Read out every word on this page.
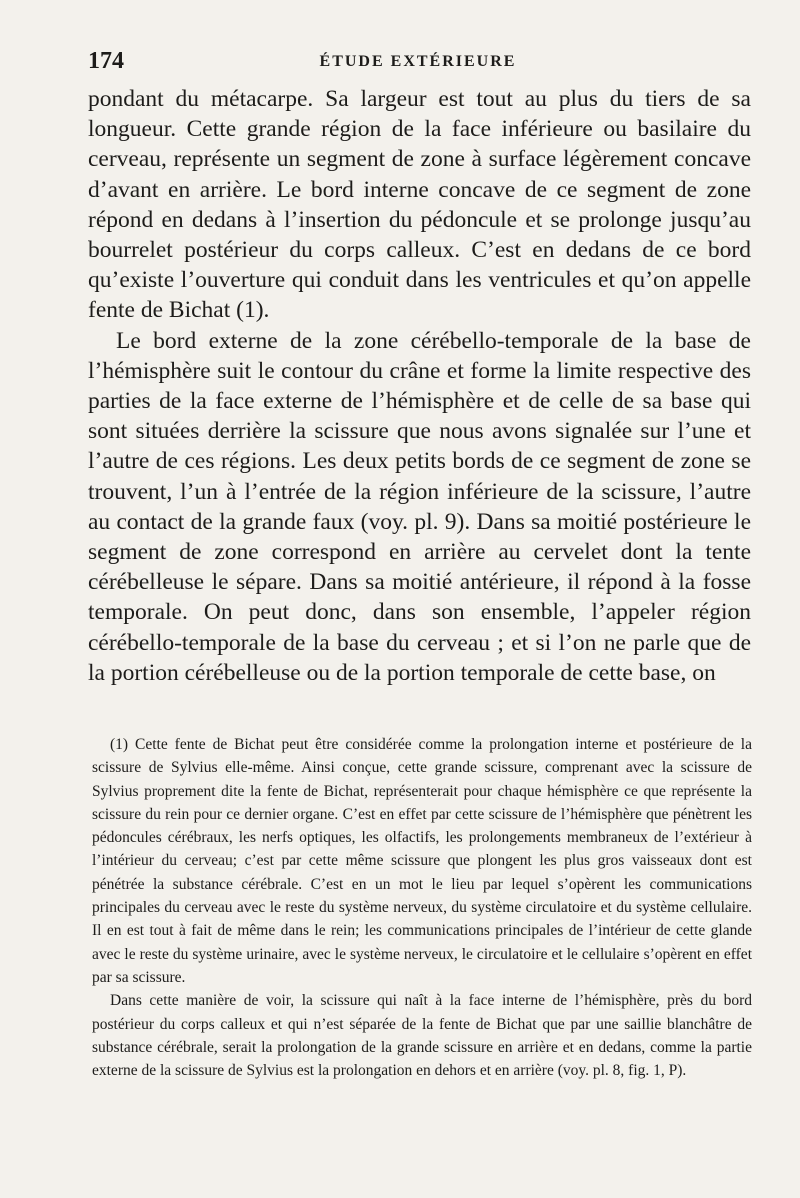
174	ÉTUDE EXTÉRIEURE

pondant du métacarpe. Sa largeur est tout au plus du tiers de sa longueur. Cette grande région de la face inférieure ou basilaire du cerveau, représente un segment de zone à surface légèrement concave d’avant en arrière. Le bord interne concave de ce segment de zone répond en dedans à l’insertion du pédoncule et se prolonge jusqu’au bourrelet postérieur du corps calleux. C’est en dedans de ce bord qu’existe l’ouverture qui conduit dans les ventricules et qu’on appelle fente de Bichat (1).

Le bord externe de la zone cérébello-temporale de la base de l’hémisphère suit le contour du crâne et forme la limite respective des parties de la face externe de l’hémisphère et de celle de sa base qui sont situées derrière la scissure que nous avons signalée sur l’une et l’autre de ces régions. Les deux petits bords de ce segment de zone se trouvent, l’un à l’entrée de la région inférieure de la scissure, l’autre au contact de la grande faux (voy. pl. 9). Dans sa moitié postérieure le segment de zone correspond en arrière au cervelet dont la tente cérébelleuse le sépare. Dans sa moitié antérieure, il répond à la fosse temporale. On peut donc, dans son ensemble, l’appeler région cérébello-temporale de la base du cerveau ; et si l’on ne parle que de la portion cérébelleuse ou de la portion temporale de cette base, on

(1) Cette fente de Bichat peut être considérée comme la prolongation interne et postérieure de la scissure de Sylvius elle-même. Ainsi conçue, cette grande scissure, comprenant avec la scissure de Sylvius proprement dite la fente de Bichat, représenterait pour chaque hémisphère ce que représente la scissure du rein pour ce dernier organe. C’est en effet par cette scissure de l’hémisphère que pénètrent les pédoncules cérébraux, les nerfs optiques, les olfactifs, les prolongements membraneux de l’extérieur à l’intérieur du cerveau; c’est par cette même scissure que plongent les plus gros vaisseaux dont est pénétrée la substance cérébrale. C’est en un mot le lieu par lequel s’opèrent les communications principales du cerveau avec le reste du système nerveux, du système circulatoire et du système cellulaire. Il en est tout à fait de même dans le rein; les communications principales de l’intérieur de cette glande avec le reste du système urinaire, avec le système nerveux, le circulatoire et le cellulaire s’opèrent en effet par sa scissure.

Dans cette manière de voir, la scissure qui naît à la face interne de l’hémisphère, près du bord postérieur du corps calleux et qui n’est séparée de la fente de Bichat que par une saillie blanchâtre de substance cérébrale, serait la prolongation de la grande scissure en arrière et en dedans, comme la partie externe de la scissure de Sylvius est la prolongation en dehors et en arrière (voy. pl. 8, fig. 1, P).
